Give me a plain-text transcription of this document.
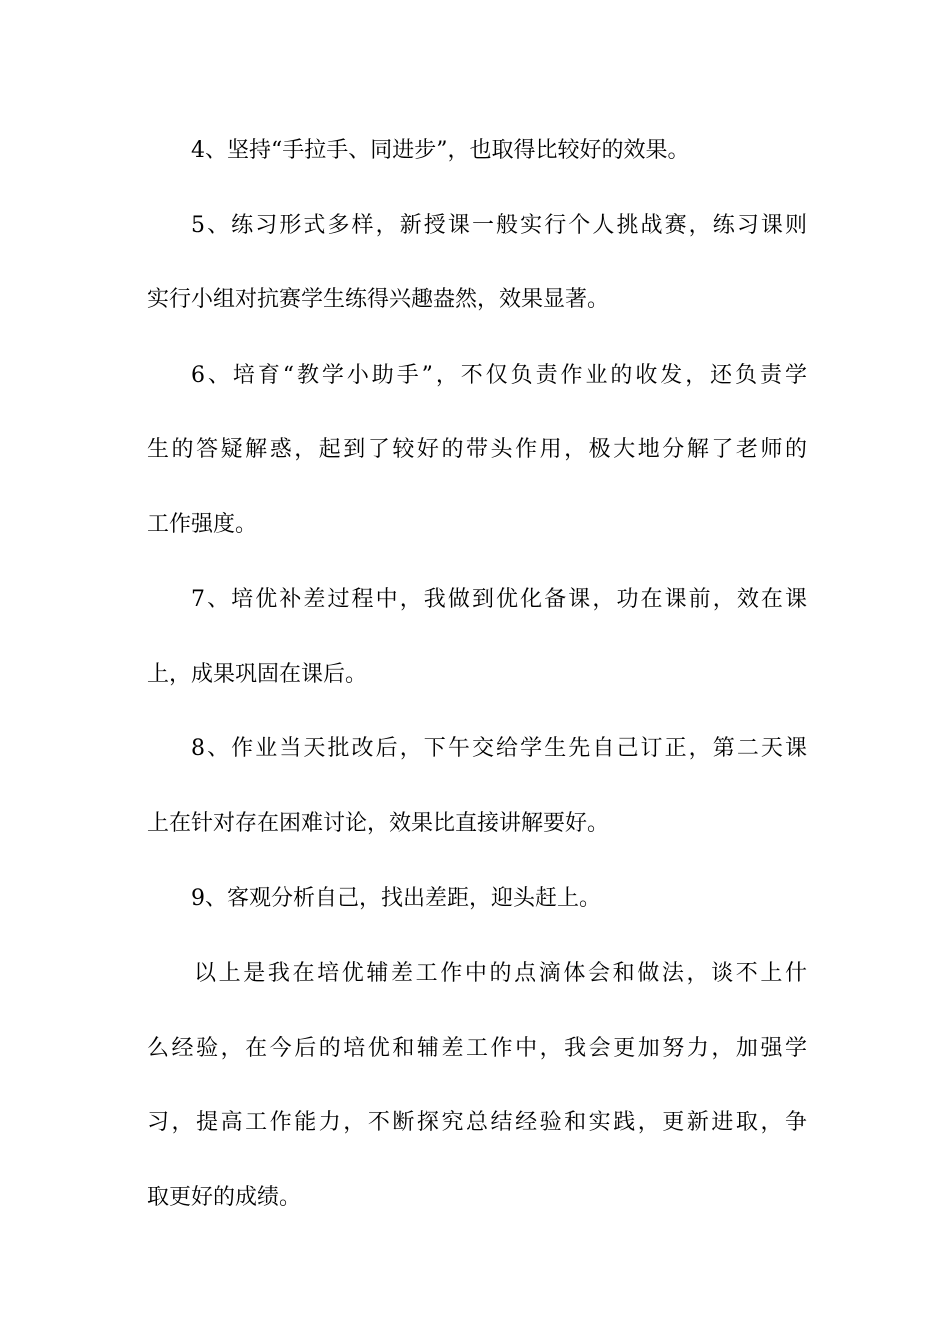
4、坚持“手拉手、同进步”，也取得比较好的效果。

5、练习形式多样，新授课一般实行个人挑战赛，练习课则

实行小组对抗赛学生练得兴趣盎然，效果显著。

6、培育“教学小助手”，不仅负责作业的收发，还负责学

生的答疑解惑，起到了较好的带头作用，极大地分解了老师的

工作强度。

7、培优补差过程中，我做到优化备课，功在课前，效在课

上，成果巩固在课后。

8、作业当天批改后，下午交给学生先自己订正，第二天课

上在针对存在困难讨论，效果比直接讲解要好。

9、客观分析自己，找出差距，迎头赶上。

以上是我在培优辅差工作中的点滴体会和做法，谈不上什

么经验，在今后的培优和辅差工作中，我会更加努力，加强学

习，提高工作能力，不断探究总结经验和实践，更新进取，争

取更好的成绩。
